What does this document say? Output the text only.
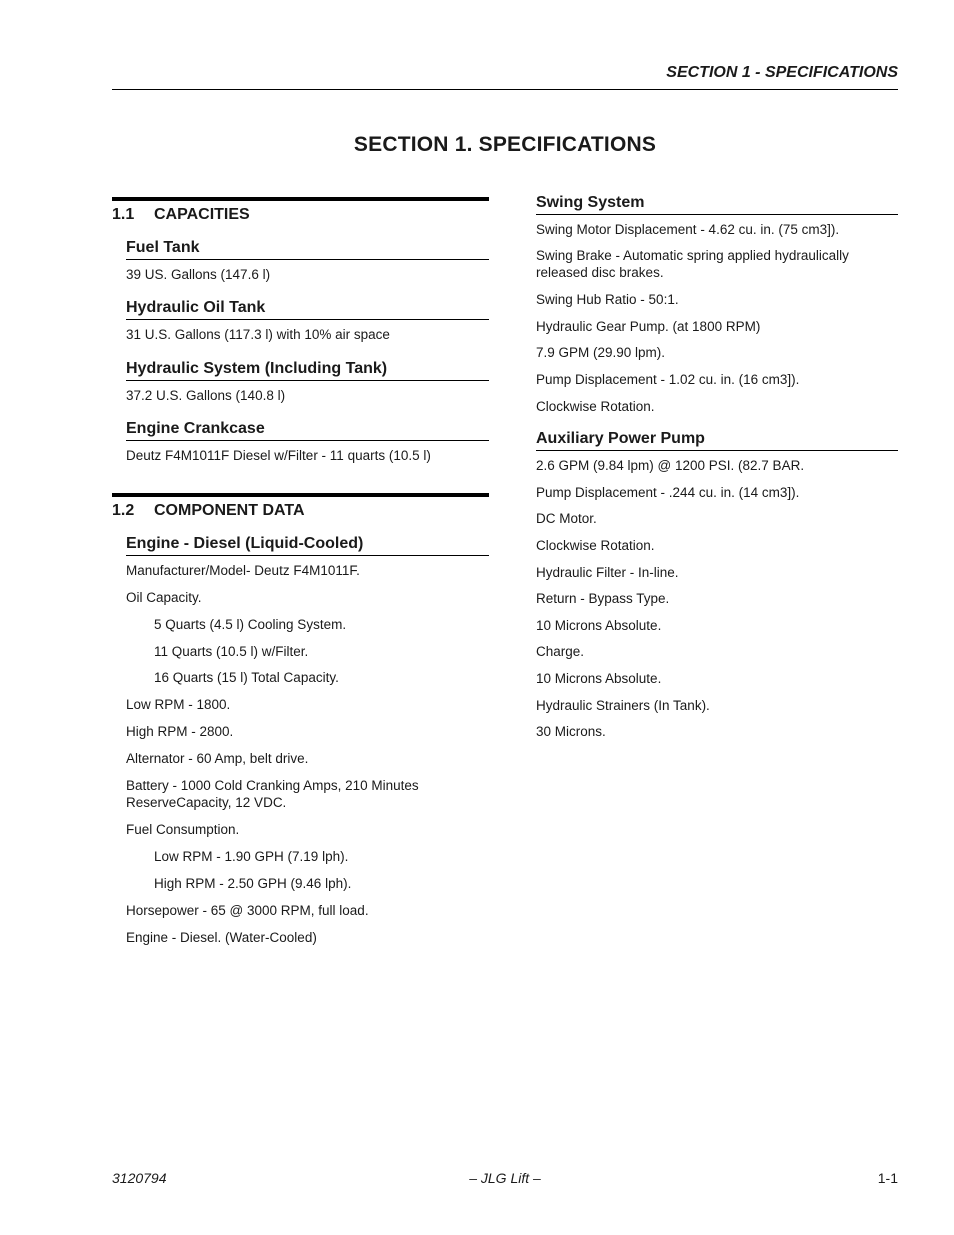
SECTION 1 - SPECIFICATIONS
SECTION 1. SPECIFICATIONS
1.1 CAPACITIES
Fuel Tank
39 US. Gallons (147.6 l)
Hydraulic Oil Tank
31 U.S. Gallons (117.3 l) with 10% air space
Hydraulic System (Including Tank)
37.2 U.S. Gallons (140.8 l)
Engine Crankcase
Deutz F4M1011F Diesel w/Filter - 11 quarts (10.5 l)
1.2 COMPONENT DATA
Engine - Diesel (Liquid-Cooled)
Manufacturer/Model- Deutz F4M1011F.
Oil Capacity.
5 Quarts (4.5 l) Cooling System.
11 Quarts (10.5 l) w/Filter.
16 Quarts (15 l) Total Capacity.
Low RPM - 1800.
High RPM - 2800.
Alternator - 60 Amp, belt drive.
Battery - 1000 Cold Cranking Amps, 210 Minutes
ReserveCapacity, 12 VDC.
Fuel Consumption.
Low RPM - 1.90 GPH (7.19 lph).
High RPM - 2.50 GPH (9.46 lph).
Horsepower - 65 @ 3000 RPM, full load.
Engine - Diesel. (Water-Cooled)
Swing System
Swing Motor Displacement - 4.62 cu. in. (75 cm3]).
Swing Brake - Automatic spring applied hydraulically
released disc brakes.
Swing Hub Ratio - 50:1.
Hydraulic Gear Pump. (at 1800 RPM)
7.9 GPM (29.90 lpm).
Pump Displacement - 1.02 cu. in. (16 cm3]).
Clockwise Rotation.
Auxiliary Power Pump
2.6 GPM (9.84 lpm) @ 1200 PSI. (82.7 BAR.
Pump Displacement - .244 cu. in. (14 cm3]).
DC Motor.
Clockwise Rotation.
Hydraulic Filter - In-line.
Return - Bypass Type.
10 Microns Absolute.
Charge.
10 Microns Absolute.
Hydraulic Strainers (In Tank).
30 Microns.
3120794	– JLG Lift –	1-1
